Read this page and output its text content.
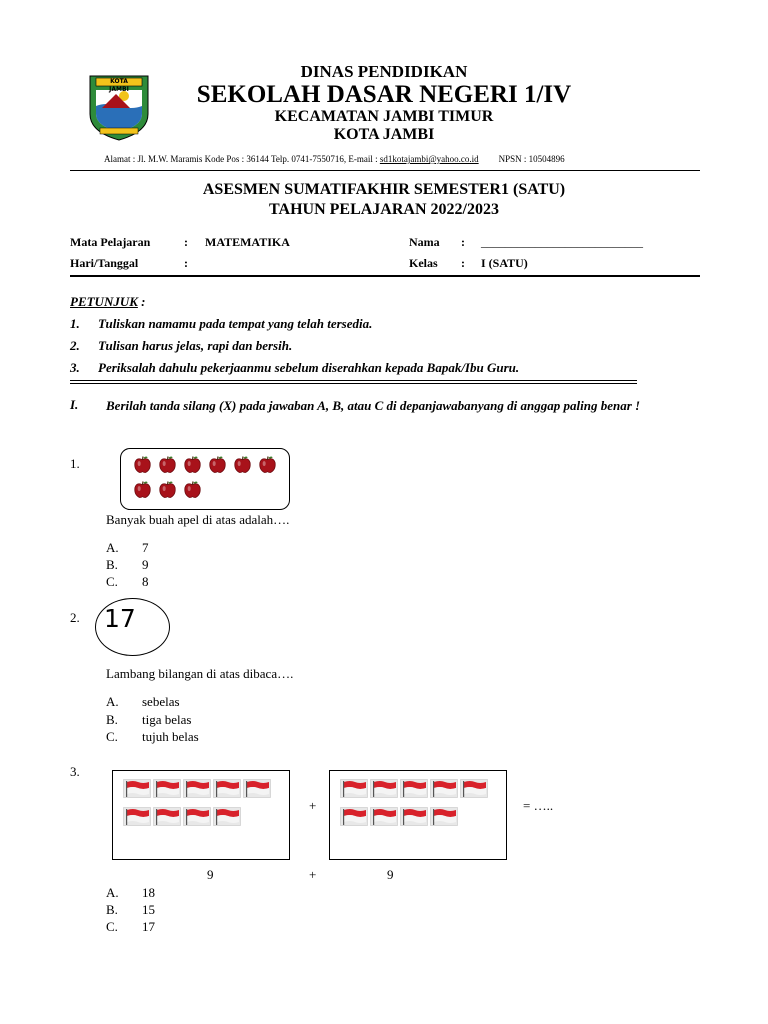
KOTA JAMBI
DINAS PENDIDIKAN
SEKOLAH DASAR NEGERI 1/IV
KECAMATAN JAMBI TIMUR
KOTA JAMBI
Alamat : Jl. M.W. Maramis Kode Pos : 36144 Telp. 0741-7550716, E-mail : sd1kotajambi@yahoo.co.id NPSN : 10504896
ASESMEN SUMATIFAKHIR SEMESTER1 (SATU)
TAHUN PELAJARAN 2022/2023
Mata Pelajaran	: MATEMATIKA	Nama : ___________________________
Hari/Tanggal	:	Kelas : I (SATU)
PETUNJUK :
1. Tuliskan namamu pada tempat yang telah tersedia.
2. Tulisan harus jelas, rapi dan bersih.
3. Periksalah dahulu pekerjaanmu sebelum diserahkan kepada Bapak/Ibu Guru.
I. Berilah tanda silang (X) pada jawaban A, B, atau C di depanjawabanyang di anggap paling benar !
1.
Banyak buah apel di atas adalah….
A. 7
B. 9
C. 8
2. 17
Lambang bilangan di atas dibaca….
A. sebelas
B. tiga belas
C. tujuh belas
3.
+	= …..
9	+	9
A. 18
B. 15
C. 17
